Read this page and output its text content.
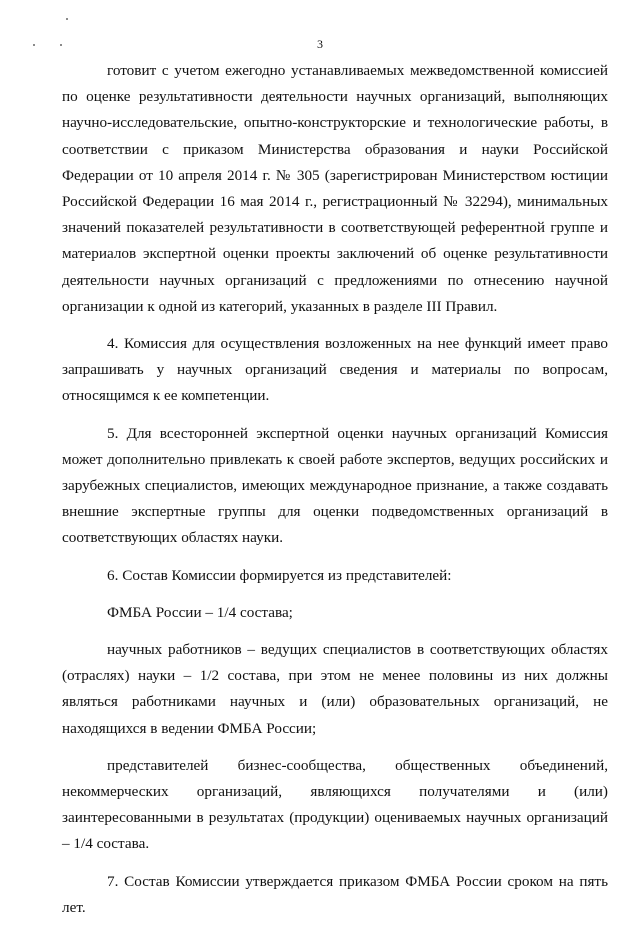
3

готовит с учетом ежегодно устанавливаемых межведомственной комиссией по оценке результативности деятельности научных организаций, выполняющих научно-исследовательские, опытно-конструкторские и технологические работы, в соответствии с приказом Министерства образования и науки Российской Федерации от 10 апреля 2014 г. № 305 (зарегистрирован Министерством юстиции Российской Федерации 16 мая 2014 г., регистрационный № 32294), минимальных значений показателей результативности в соответствующей референтной группе и материалов экспертной оценки проекты заключений об оценке результативности деятельности научных организаций с предложениями по отнесению научной организации к одной из категорий, указанных в разделе III Правил.

4. Комиссия для осуществления возложенных на нее функций имеет право запрашивать у научных организаций сведения и материалы по вопросам, относящимся к ее компетенции.

5. Для всесторонней экспертной оценки научных организаций Комиссия может дополнительно привлекать к своей работе экспертов, ведущих российских и зарубежных специалистов, имеющих международное признание, а также создавать внешние экспертные группы для оценки подведомственных организаций в соответствующих областях науки.

6. Состав Комиссии формируется из представителей:

ФМБА России – 1/4 состава;

научных работников – ведущих специалистов в соответствующих областях (отраслях) науки – 1/2 состава, при этом не менее половины из них должны являться работниками научных и (или) образовательных организаций, не находящихся в ведении ФМБА России;

представителей бизнес-сообщества, общественных объединений, некоммерческих организаций, являющихся получателями и (или) заинтересованными в результатах (продукции) оцениваемых научных организаций – 1/4 состава.

7. Состав Комиссии утверждается приказом ФМБА России сроком на пять лет.
